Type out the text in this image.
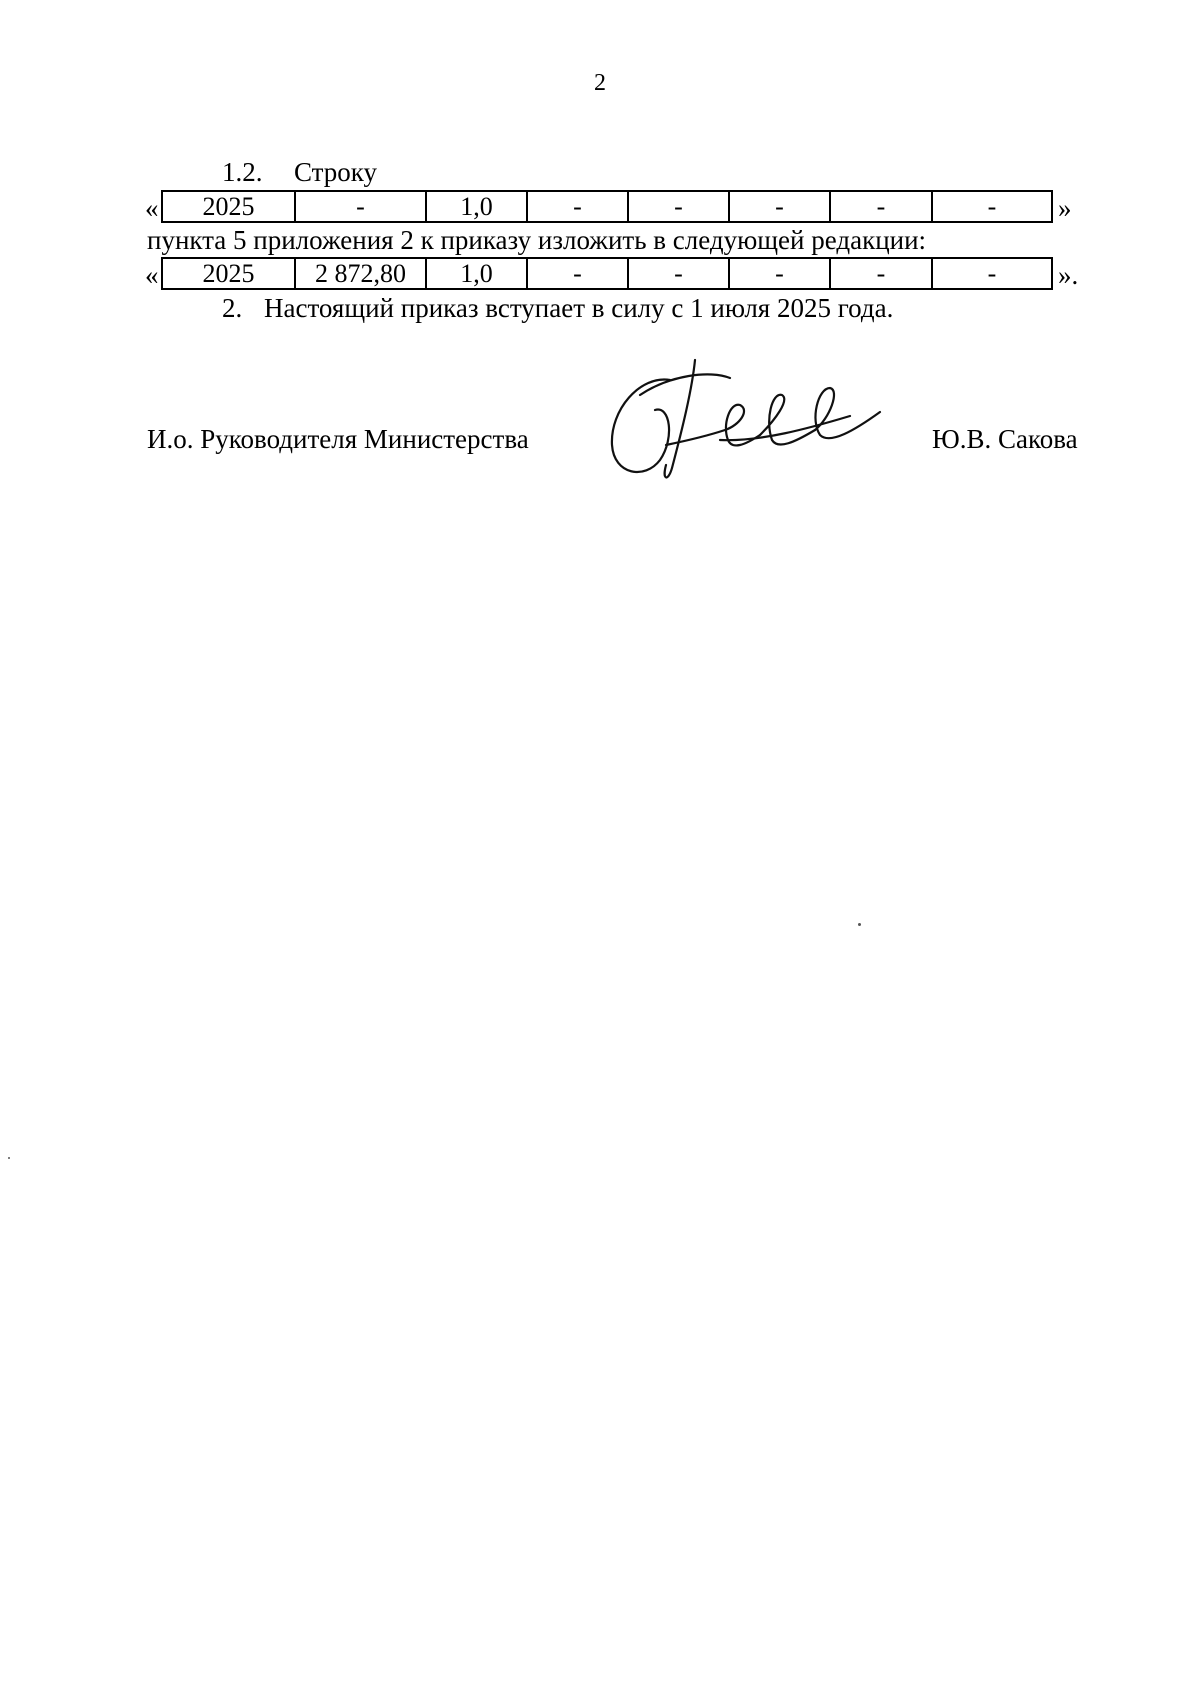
2
1.2. Строку
« 2025	-	1,0	-	-	-	-	- »
пункта 5 приложения 2 к приказу изложить в следующей редакции:
« 2025	2 872,80	1,0	-	-	-	-	- ».
2. Настоящий приказ вступает в силу с 1 июля 2025 года.
И.о. Руководителя Министерства	Ю.В. Сакова
